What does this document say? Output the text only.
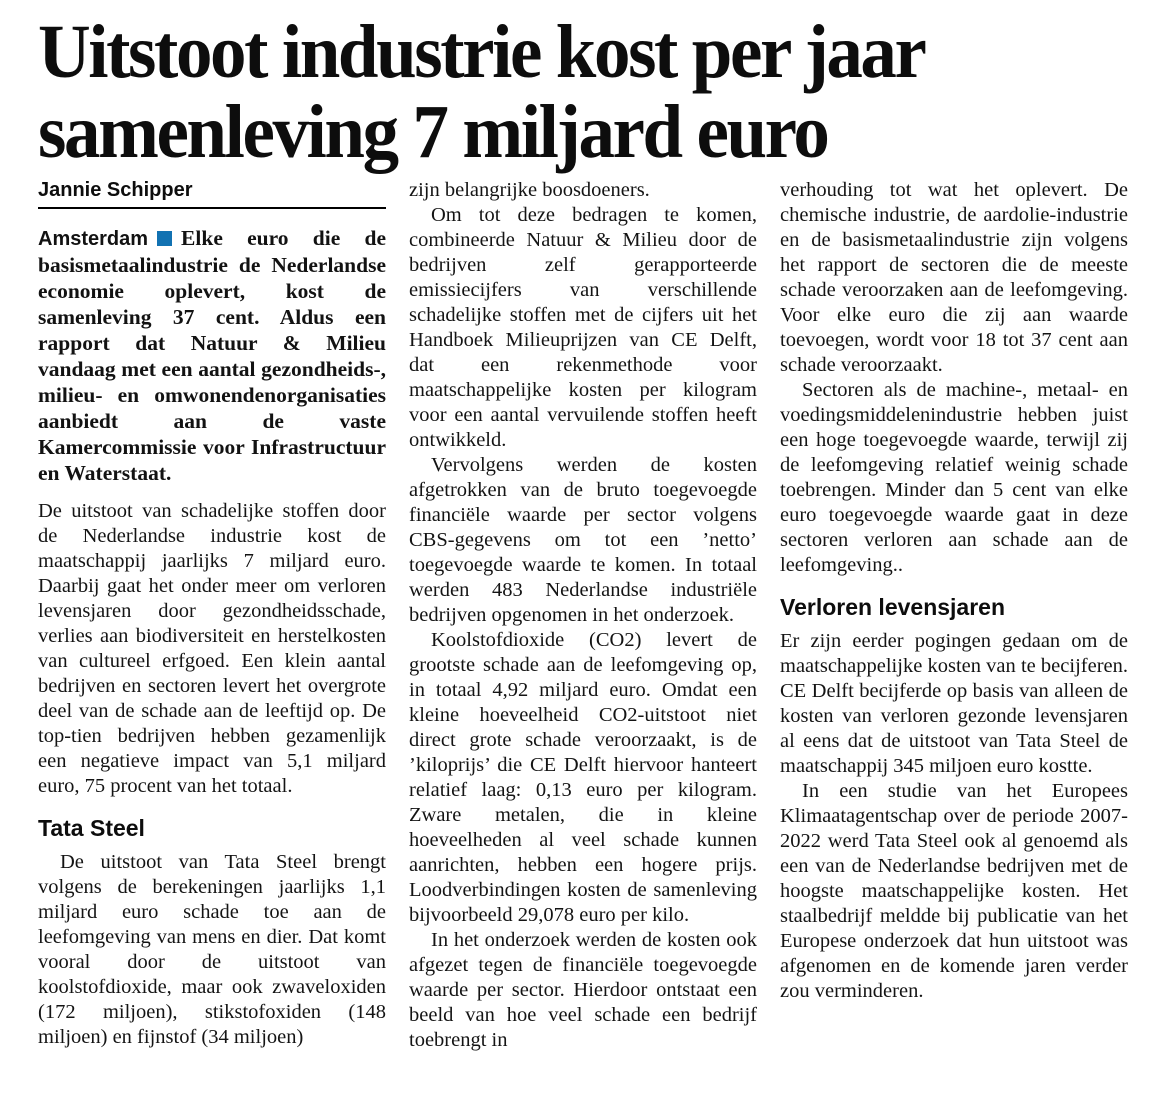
Uitstoot industrie kost per jaar
samenleving 7 miljard euro
Jannie Schipper

Amsterdam Elke euro die de basismetaalindustrie de Nederlandse economie oplevert, kost de samenleving 37 cent. Aldus een rapport dat Natuur & Milieu vandaag met een aantal gezondheids-, milieu- en omwonendenorganisaties aanbiedt aan de vaste Kamercommissie voor Infrastructuur en Waterstaat.

De uitstoot van schadelijke stoffen door de Nederlandse industrie kost de maatschappij jaarlijks 7 miljard euro. Daarbij gaat het onder meer om verloren levensjaren door gezondheidsschade, verlies aan biodiversiteit en herstelkosten van cultureel erfgoed. Een klein aantal bedrijven en sectoren levert het overgrote deel van de schade aan de leeftijd op. De top-tien bedrijven hebben gezamenlijk een negatieve impact van 5,1 miljard euro, 75 procent van het totaal.

Tata Steel

De uitstoot van Tata Steel brengt volgens de berekeningen jaarlijks 1,1 miljard euro schade toe aan de leefomgeving van mens en dier. Dat komt vooral door de uitstoot van koolstofdioxide, maar ook zwaveloxiden (172 miljoen), stikstofoxiden (148 miljoen) en fijnstof (34 miljoen)

zijn belangrijke boosdoeners.

Om tot deze bedragen te komen, combineerde Natuur & Milieu door de bedrijven zelf gerapporteerde emissiecijfers van verschillende schadelijke stoffen met de cijfers uit het Handboek Milieuprijzen van CE Delft, dat een rekenmethode voor maatschappelijke kosten per kilogram voor een aantal vervuilende stoffen heeft ontwikkeld.

Vervolgens werden de kosten afgetrokken van de bruto toegevoegde financiële waarde per sector volgens CBS-gegevens om tot een ’netto’ toegevoegde waarde te komen. In totaal werden 483 Nederlandse industriële bedrijven opgenomen in het onderzoek.

Koolstofdioxide (CO2) levert de grootste schade aan de leefomgeving op, in totaal 4,92 miljard euro. Omdat een kleine hoeveelheid CO2-uitstoot niet direct grote schade veroorzaakt, is de ’kiloprijs’ die CE Delft hiervoor hanteert relatief laag: 0,13 euro per kilogram. Zware metalen, die in kleine hoeveelheden al veel schade kunnen aanrichten, hebben een hogere prijs. Loodverbindingen kosten de samenleving bijvoorbeeld 29,078 euro per kilo.

In het onderzoek werden de kosten ook afgezet tegen de financiële toegevoegde waarde per sector. Hierdoor ontstaat een beeld van hoe veel schade een bedrijf toebrengt in

verhouding tot wat het oplevert. De chemische industrie, de aardolie-industrie en de basismetaalindustrie zijn volgens het rapport de sectoren die de meeste schade veroorzaken aan de leefomgeving. Voor elke euro die zij aan waarde toevoegen, wordt voor 18 tot 37 cent aan schade veroorzaakt.

Sectoren als de machine-, metaal- en voedingsmiddelenindustrie hebben juist een hoge toegevoegde waarde, terwijl zij de leefomgeving relatief weinig schade toebrengen. Minder dan 5 cent van elke euro toegevoegde waarde gaat in deze sectoren verloren aan schade aan de leefomgeving..

Verloren levensjaren

Er zijn eerder pogingen gedaan om de maatschappelijke kosten van te becijferen. CE Delft becijferde op basis van alleen de kosten van verloren gezonde levensjaren al eens dat de uitstoot van Tata Steel de maatschappij 345 miljoen euro kostte.

In een studie van het Europees Klimaatagentschap over de periode 2007-2022 werd Tata Steel ook al genoemd als een van de Nederlandse bedrijven met de hoogste maatschappelijke kosten. Het staalbedrijf meldde bij publicatie van het Europese onderzoek dat hun uitstoot was afgenomen en de komende jaren verder zou verminderen.
